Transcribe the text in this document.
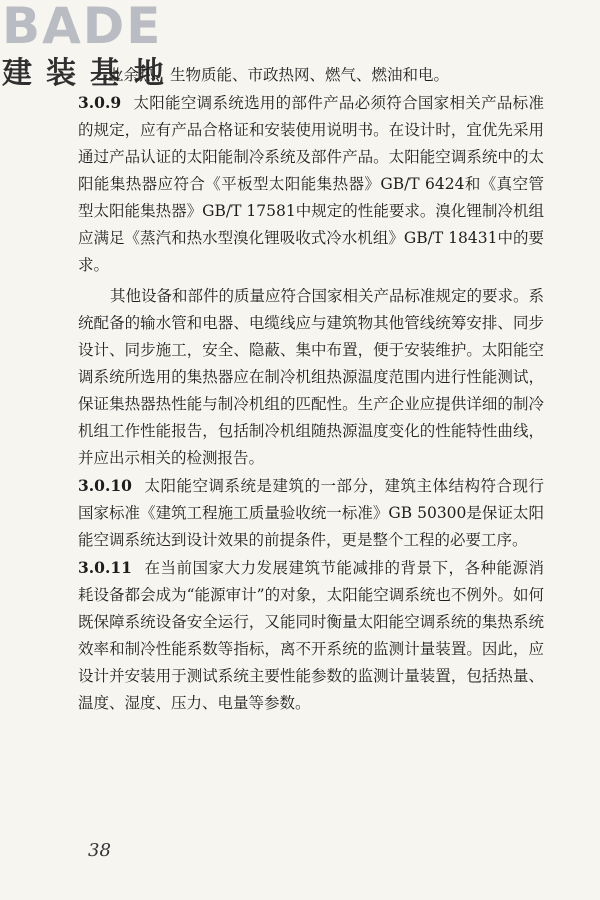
BADE
建装基地

业余热、生物质能、市政热网、燃气、燃油和电。

3.0.9 太阳能空调系统选用的部件产品必须符合国家相关产品标准的规定，应有产品合格证和安装使用说明书。在设计时，宜优先采用通过产品认证的太阳能制冷系统及部件产品。太阳能空调系统中的太阳能集热器应符合《平板型太阳能集热器》GB/T 6424和《真空管型太阳能集热器》GB/T 17581中规定的性能要求。溴化锂制冷机组应满足《蒸汽和热水型溴化锂吸收式冷水机组》GB/T 18431中的要求。

其他设备和部件的质量应符合国家相关产品标准规定的要求。系统配备的输水管和电器、电缆线应与建筑物其他管线统筹安排、同步设计、同步施工，安全、隐蔽、集中布置，便于安装维护。太阳能空调系统所选用的集热器应在制冷机组热源温度范围内进行性能测试，保证集热器热性能与制冷机组的匹配性。生产企业应提供详细的制冷机组工作性能报告，包括制冷机组随热源温度变化的性能特性曲线，并应出示相关的检测报告。

3.0.10 太阳能空调系统是建筑的一部分，建筑主体结构符合现行国家标准《建筑工程施工质量验收统一标准》GB 50300是保证太阳能空调系统达到设计效果的前提条件，更是整个工程的必要工序。

3.0.11 在当前国家大力发展建筑节能减排的背景下，各种能源消耗设备都会成为“能源审计”的对象，太阳能空调系统也不例外。如何既保障系统设备安全运行，又能同时衡量太阳能空调系统的集热系统效率和制冷性能系数等指标，离不开系统的监测计量装置。因此，应设计并安装用于测试系统主要性能参数的监测计量装置，包括热量、温度、湿度、压力、电量等参数。

38
